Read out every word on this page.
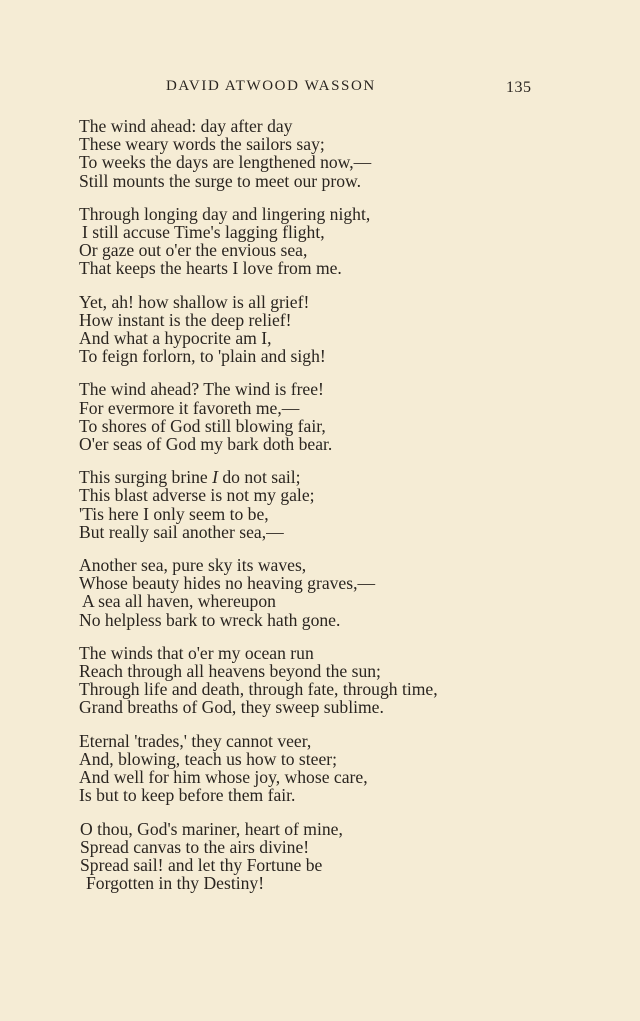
DAVID ATWOOD WASSON	135
The wind ahead: day after day
These weary words the sailors say;
To weeks the days are lengthened now,—
Still mounts the surge to meet our prow.
Through longing day and lingering night,
I still accuse Time's lagging flight,
Or gaze out o'er the envious sea,
That keeps the hearts I love from me.
Yet, ah! how shallow is all grief!
How instant is the deep relief!
And what a hypocrite am I,
To feign forlorn, to 'plain and sigh!
The wind ahead? The wind is free!
For evermore it favoreth me,—
To shores of God still blowing fair,
O'er seas of God my bark doth bear.
This surging brine I do not sail;
This blast adverse is not my gale;
'Tis here I only seem to be,
But really sail another sea,—
Another sea, pure sky its waves,
Whose beauty hides no heaving graves,—
A sea all haven, whereupon
No helpless bark to wreck hath gone.
The winds that o'er my ocean run
Reach through all heavens beyond the sun;
Through life and death, through fate, through time,
Grand breaths of God, they sweep sublime.
Eternal 'trades,' they cannot veer,
And, blowing, teach us how to steer;
And well for him whose joy, whose care,
Is but to keep before them fair.
O thou, God's mariner, heart of mine,
Spread canvas to the airs divine!
Spread sail! and let thy Fortune be
Forgotten in thy Destiny!
